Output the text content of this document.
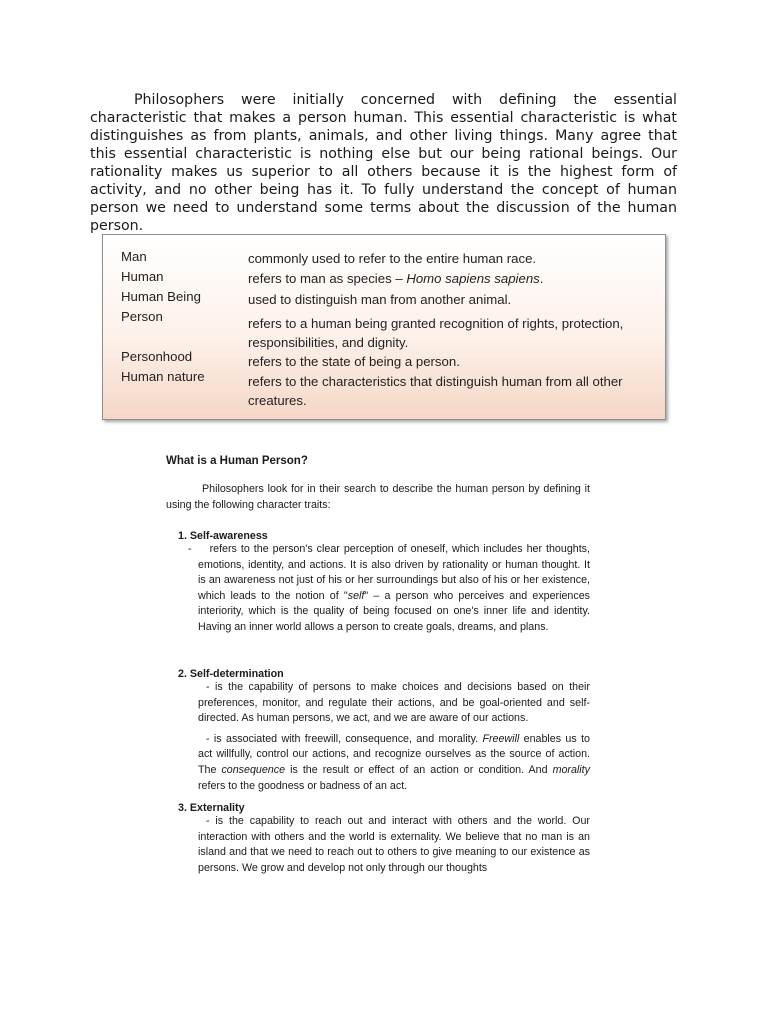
Philosophers were initially concerned with defining the essential characteristic that makes a person human. This essential characteristic is what distinguishes as from plants, animals, and other living things. Many agree that this essential characteristic is nothing else but our being rational beings. Our rationality makes us superior to all others because it is the highest form of activity, and no other being has it. To fully understand the concept of human person we need to understand some terms about the discussion of the human person.

Man	commonly used to refer to the entire human race.
Human	refers to man as species – Homo sapiens sapiens.
Human Being	used to distinguish man from another animal.
Person	refers to a human being granted recognition of rights, protection, responsibilities, and dignity.
Personhood	refers to the state of being a person.
Human nature	refers to the characteristics that distinguish human from all other creatures.
What is a Human Person?

Philosophers look for in their search to describe the human person by defining it using the following character traits:

1. Self-awareness

- refers to the person's clear perception of oneself, which includes her thoughts, emotions, identity, and actions. It is also driven by rationality or human thought. It is an awareness not just of his or her surroundings but also of his or her existence, which leads to the notion of "self" – a person who perceives and experiences interiority, which is the quality of being focused on one's inner life and identity. Having an inner world allows a person to create goals, dreams, and plans.

2. Self-determination

- is the capability of persons to make choices and decisions based on their preferences, monitor, and regulate their actions, and be goal-oriented and self-directed. As human persons, we act, and we are aware of our actions.

- is associated with freewill, consequence, and morality. Freewill enables us to act willfully, control our actions, and recognize ourselves as the source of action. The consequence is the result or effect of an action or condition. And morality refers to the goodness or badness of an act.

3. Externality

- is the capability to reach out and interact with others and the world. Our interaction with others and the world is externality. We believe that no man is an island and that we need to reach out to others to give meaning to our existence as persons. We grow and develop not only through our thoughts
